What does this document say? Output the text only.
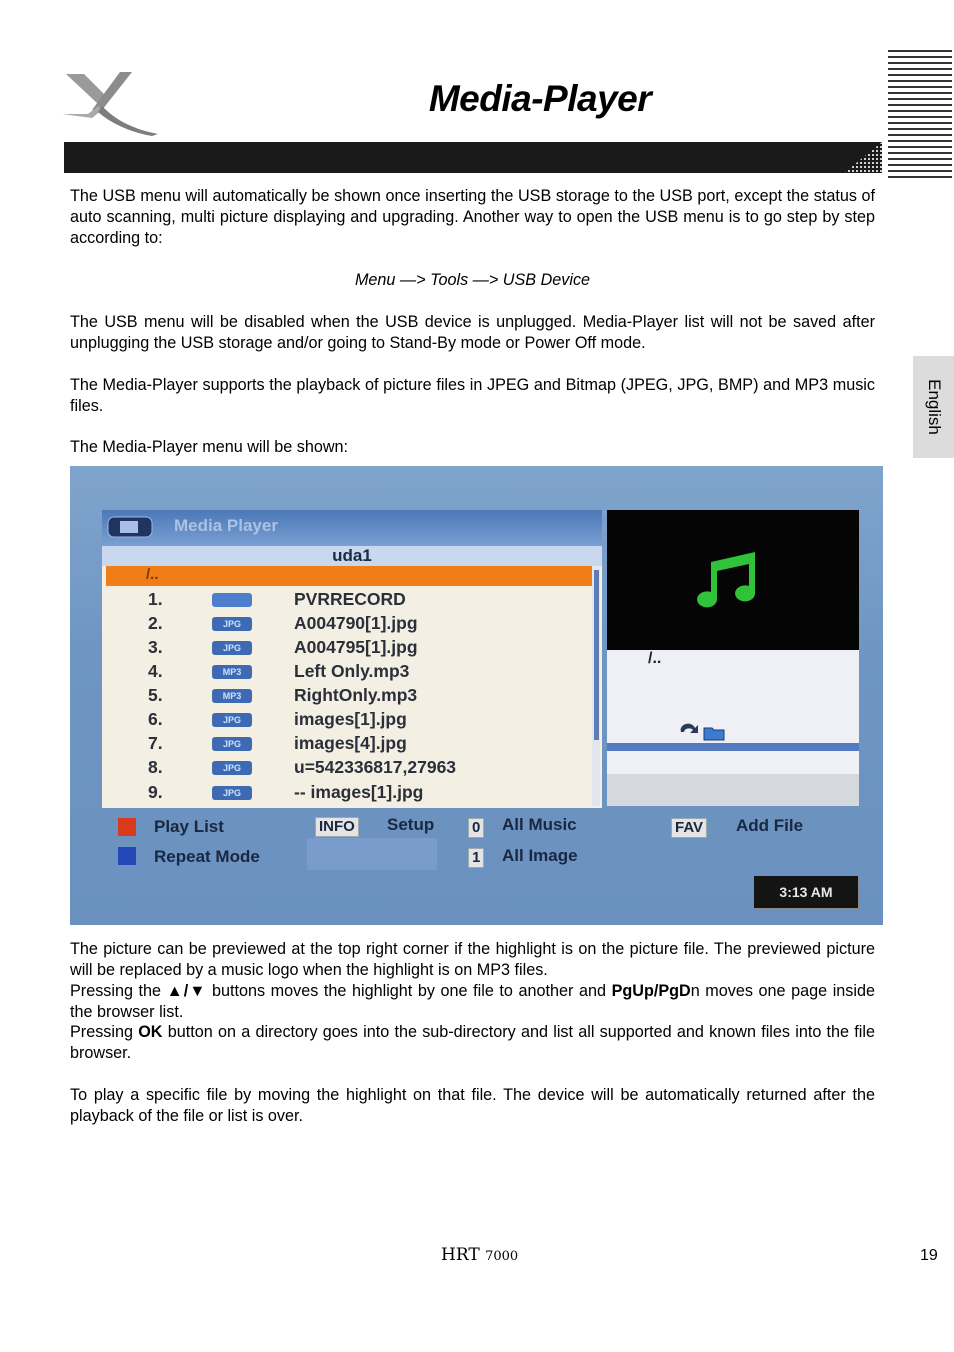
Media-Player
English
The USB menu will automatically be shown once inserting the USB storage to the USB port, except the status of auto scanning, multi picture displaying and upgrading. Another way to open the USB menu is to go step by step according to:
Menu —> Tools —> USB Device
The USB menu will be disabled when the USB device is unplugged. Media-Player list will not be saved after unplugging the USB storage and/or going to Stand-By mode or Power Off mode.
The Media-Player supports the playback of picture files in JPEG and Bitmap (JPEG, JPG, BMP) and MP3 music files.
The Media-Player menu will be shown:
Media Player
uda1
/..
1.	PVRRECORD
2.	JPG	A004790[1].jpg
3.	JPG	A004795[1].jpg
4.	MP3	Left Only.mp3
5.	MP3	RightOnly.mp3
6.	JPG	images[1].jpg
7.	JPG	images[4].jpg
8.	JPG	u=542336817,27963
9.	JPG	-- images[1].jpg
/..
Play List
Repeat Mode
INFO Setup	0 All Music
1 All Image
FAV Add File
3:13 AM
The picture can be previewed at the top right corner if the highlight is on the picture file. The previewed picture will be replaced by a music logo when the highlight is on MP3 files.
Pressing the ▲/▼ buttons moves the highlight by one file to another and PgUp/PgDn moves one page inside the browser list.
Pressing OK button on a directory goes into the sub-directory and list all supported and known files into the file browser.
To play a specific file by moving the highlight on that file. The device will be automatically returned after the playback of the file or list is over.
HRT 7000	19
